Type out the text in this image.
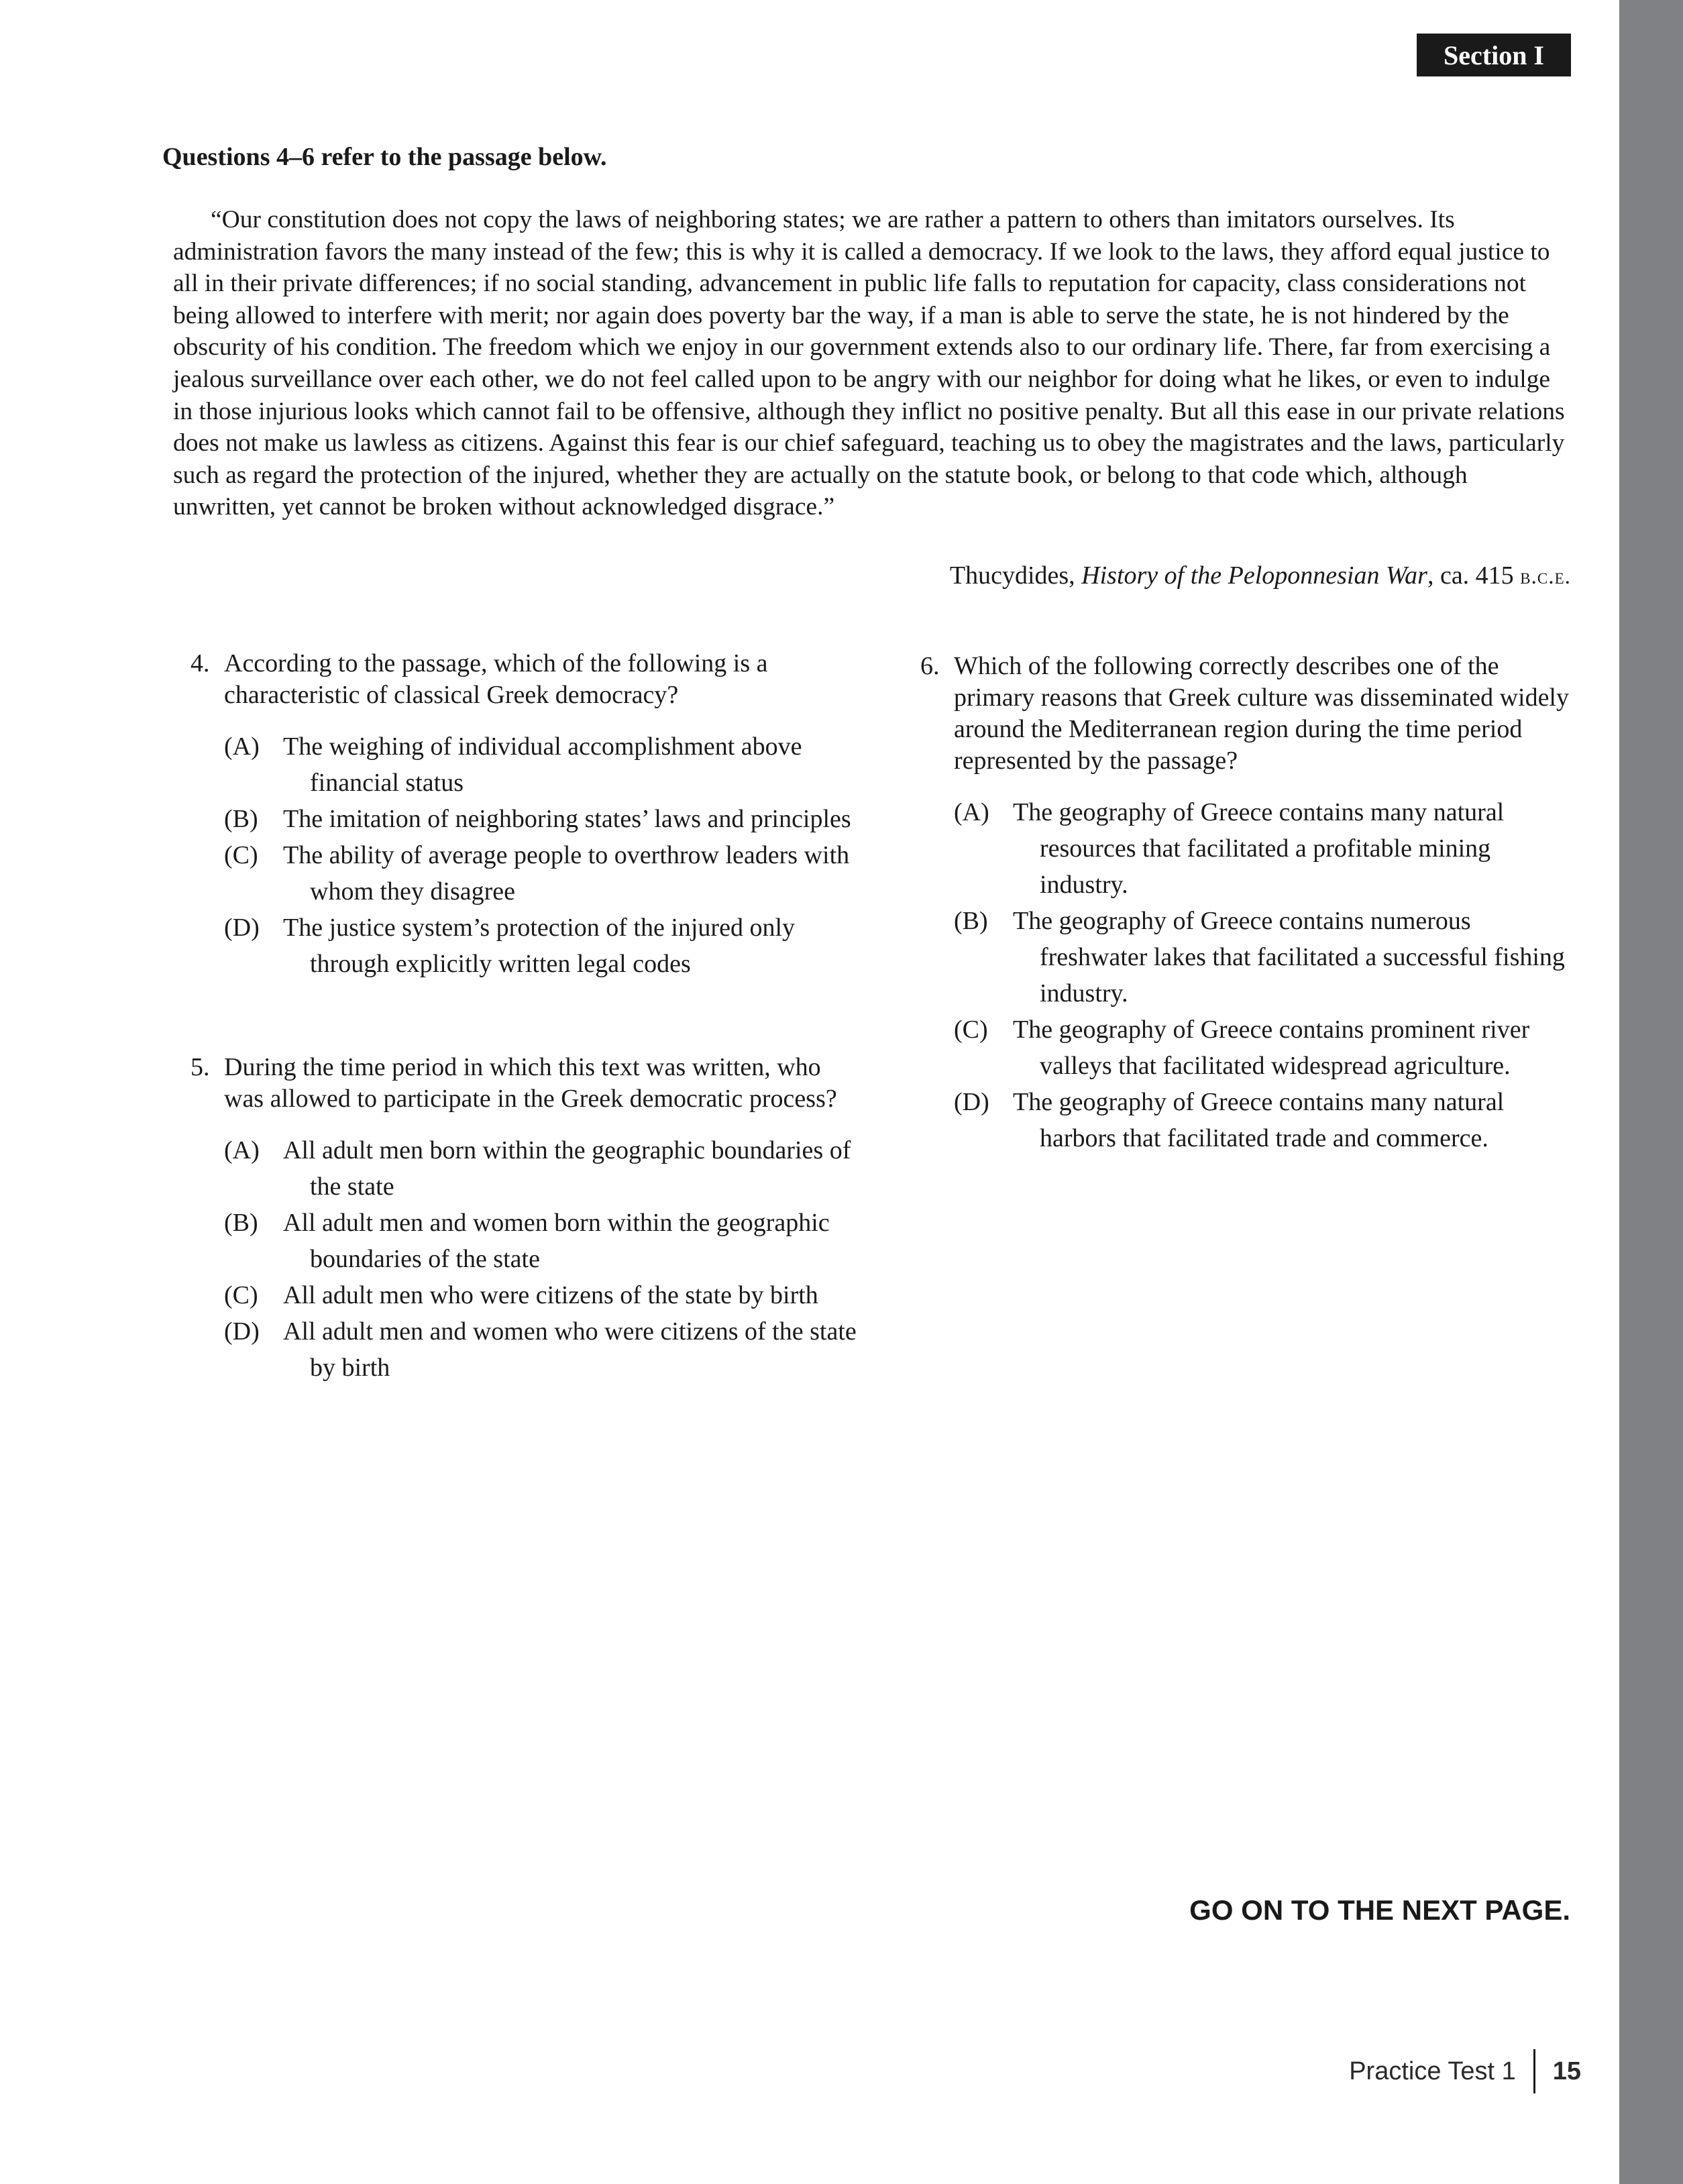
Section I
Questions 4–6 refer to the passage below.

“Our constitution does not copy the laws of neighboring states; we are rather a pattern to others than imitators ourselves. Its administration favors the many instead of the few; this is why it is called a democracy. If we look to the laws, they afford equal justice to all in their private differences; if no social standing, advancement in public life falls to reputation for capacity, class considerations not being allowed to interfere with merit; nor again does poverty bar the way, if a man is able to serve the state, he is not hindered by the obscurity of his condition. The freedom which we enjoy in our government extends also to our ordinary life. There, far from exercising a jealous surveillance over each other, we do not feel called upon to be angry with our neighbor for doing what he likes, or even to indulge in those injurious looks which cannot fail to be offensive, although they inflict no positive penalty. But all this ease in our private relations does not make us lawless as citizens. Against this fear is our chief safeguard, teaching us to obey the magistrates and the laws, particularly such as regard the protection of the injured, whether they are actually on the statute book, or belong to that code which, although unwritten, yet cannot be broken without acknowledged disgrace.”

Thucydides, History of the Peloponnesian War, ca. 415 b.c.e.
4. According to the passage, which of the following is a characteristic of classical Greek democracy?
(A) The weighing of individual accomplishment above financial status
(B) The imitation of neighboring states’ laws and principles
(C) The ability of average people to overthrow leaders with whom they disagree
(D) The justice system’s protection of the injured only through explicitly written legal codes
5. During the time period in which this text was written, who was allowed to participate in the Greek democratic process?
(A) All adult men born within the geographic boundaries of the state
(B) All adult men and women born within the geographic boundaries of the state
(C) All adult men who were citizens of the state by birth
(D) All adult men and women who were citizens of the state by birth
6. Which of the following correctly describes one of the primary reasons that Greek culture was disseminated widely around the Mediterranean region during the time period represented by the passage?
(A) The geography of Greece contains many natural resources that facilitated a profitable mining industry.
(B) The geography of Greece contains numerous freshwater lakes that facilitated a successful fishing industry.
(C) The geography of Greece contains prominent river valleys that facilitated widespread agriculture.
(D) The geography of Greece contains many natural harbors that facilitated trade and commerce.
GO ON TO THE NEXT PAGE.
Practice Test 1 15
